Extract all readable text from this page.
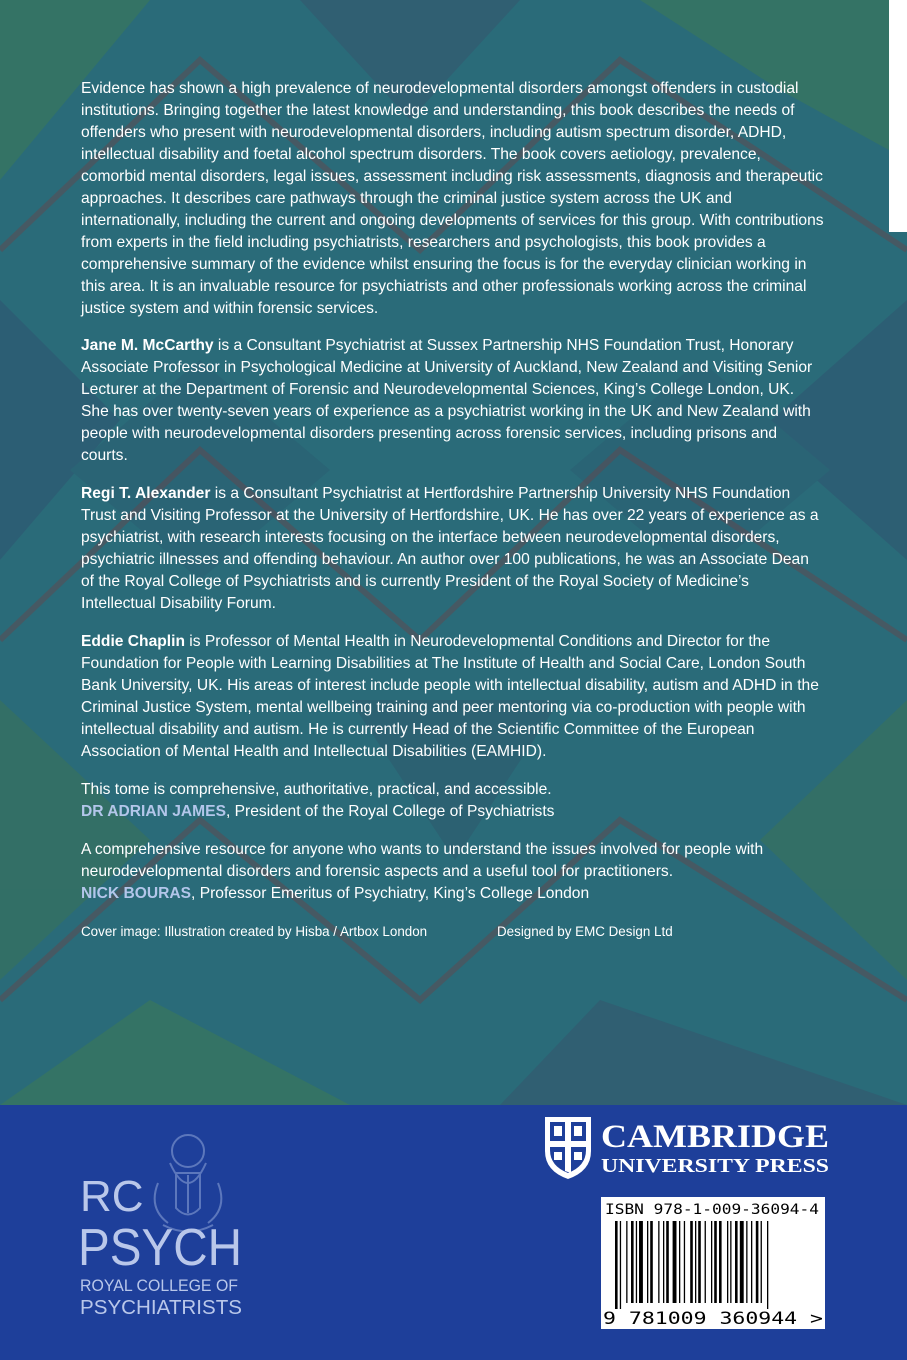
Evidence has shown a high prevalence of neurodevelopmental disorders amongst offenders in custodial institutions. Bringing together the latest knowledge and understanding, this book describes the needs of offenders who present with neurodevelopmental disorders, including autism spectrum disorder, ADHD, intellectual disability and foetal alcohol spectrum disorders. The book covers aetiology, prevalence, comorbid mental disorders, legal issues, assessment including risk assessments, diagnosis and therapeutic approaches. It describes care pathways through the criminal justice system across the UK and internationally, including the current and ongoing developments of services for this group. With contributions from experts in the field including psychiatrists, researchers and psychologists, this book provides a comprehensive summary of the evidence whilst ensuring the focus is for the everyday clinician working in this area. It is an invaluable resource for psychiatrists and other professionals working across the criminal justice system and within forensic services.

Jane M. McCarthy is a Consultant Psychiatrist at Sussex Partnership NHS Foundation Trust, Honorary Associate Professor in Psychological Medicine at University of Auckland, New Zealand and Visiting Senior Lecturer at the Department of Forensic and Neurodevelopmental Sciences, King’s College London, UK. She has over twenty-seven years of experience as a psychiatrist working in the UK and New Zealand with people with neurodevelopmental disorders presenting across forensic services, including prisons and courts.

Regi T. Alexander is a Consultant Psychiatrist at Hertfordshire Partnership University NHS Foundation Trust and Visiting Professor at the University of Hertfordshire, UK. He has over 22 years of experience as a psychiatrist, with research interests focusing on the interface between neurodevelopmental disorders, psychiatric illnesses and offending behaviour. An author over 100 publications, he was an Associate Dean of the Royal College of Psychiatrists and is currently President of the Royal Society of Medicine’s Intellectual Disability Forum.

Eddie Chaplin is Professor of Mental Health in Neurodevelopmental Conditions and Director for the Foundation for People with Learning Disabilities at The Institute of Health and Social Care, London South Bank University, UK. His areas of interest include people with intellectual disability, autism and ADHD in the Criminal Justice System, mental wellbeing training and peer mentoring via co-production with people with intellectual disability and autism. He is currently Head of the Scientific Committee of the European Association of Mental Health and Intellectual Disabilities (EAMHID).

This tome is comprehensive, authoritative, practical, and accessible.
DR ADRIAN JAMES, President of the Royal College of Psychiatrists

A comprehensive resource for anyone who wants to understand the issues involved for people with neurodevelopmental disorders and forensic aspects and a useful tool for practitioners.
NICK BOURAS, Professor Emeritus of Psychiatry, King’s College London

Cover image: Illustration created by Hisba / Artbox London	Designed by EMC Design Ltd
RC
PSYCH
ROYAL COLLEGE OF
PSYCHIATRISTS
CAMBRIDGE
UNIVERSITY PRESS
ISBN 978-1-009-36094-4
9 781009 360944 >
